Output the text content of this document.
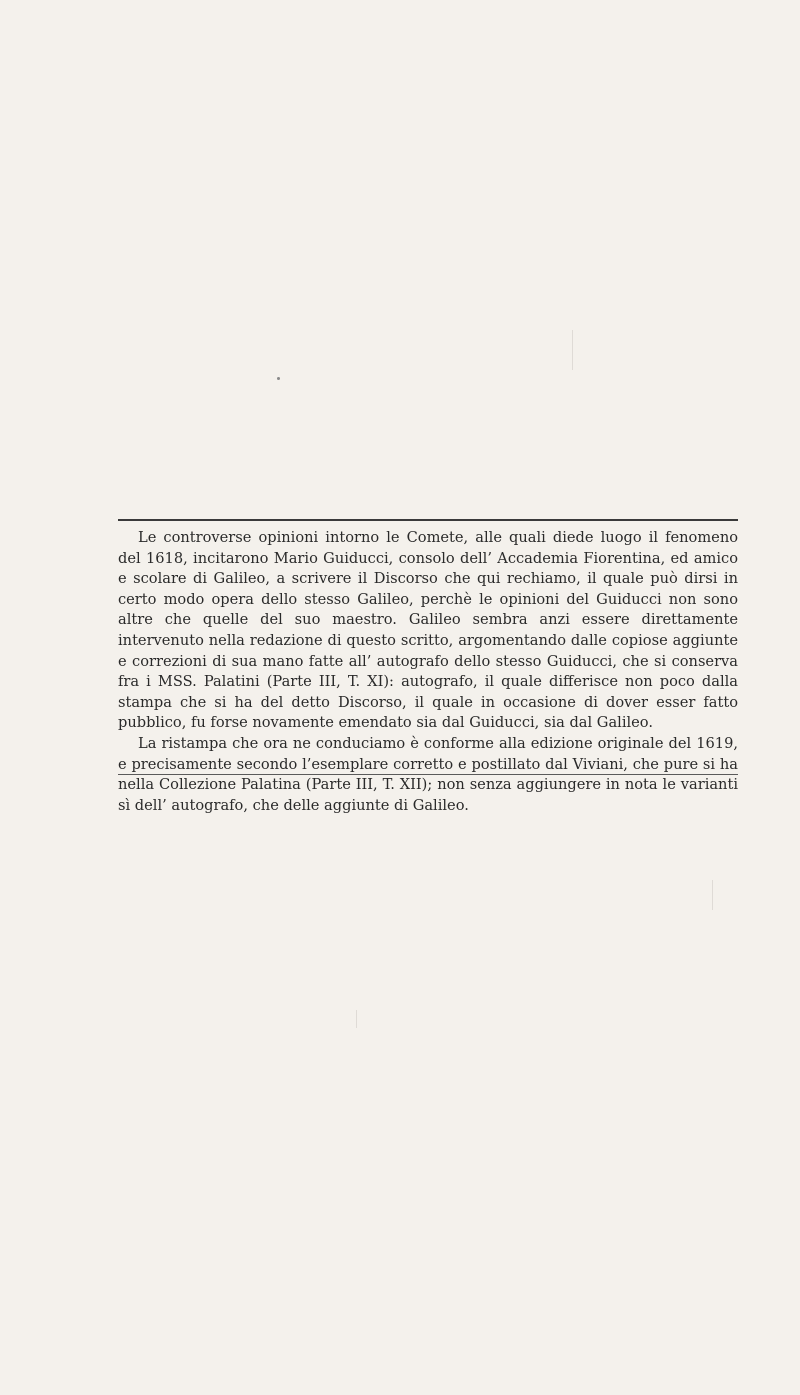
Le controverse opinioni intorno le Comete, alle quali diede luogo il fenomeno del 1618, incitarono Mario Guiducci, consolo dell’ Accademia Fiorentina, ed amico e scolare di Galileo, a scrivere il Discorso che qui rechiamo, il quale può dirsi in certo modo opera dello stesso Galileo, perchè le opinioni del Guiducci non sono altre che quelle del suo maestro. Galileo sembra anzi essere direttamente intervenuto nella redazione di questo scritto, argomentando dalle copiose aggiunte e correzioni di sua mano fatte all’ autografo dello stesso Guiducci, che si conserva fra i MSS. Palatini (Parte III, T. XI): autografo, il quale differisce non poco dalla stampa che si ha del detto Discorso, il quale in occasione di dover esser fatto pubblico, fu forse novamente emendato sia dal Guiducci, sia dal Galileo.

La ristampa che ora ne conduciamo è conforme alla edizione originale del 1619, e precisamente secondo l’esemplare corretto e postillato dal Viviani, che pure si ha nella Collezione Palatina (Parte III, T. XII); non senza aggiungere in nota le varianti sì dell’ autografo, che delle aggiunte di Galileo.
